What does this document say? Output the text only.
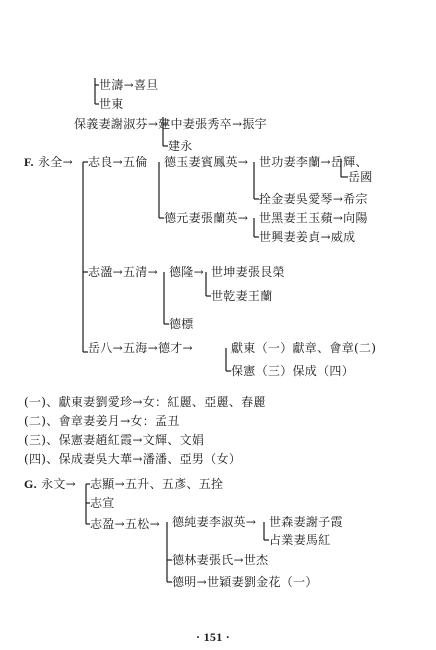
世濤→喜旦
世東
保義妻謝淑芬→建中妻張秀卒→振宇
建永
F. 永全→ 志良→五倫 德玉妻賓鳳英→ 世功妻李蘭→岳輝、
岳國
拴金妻吳愛琴→希宗
德元妻張蘭英→ 世黑妻王玉蘋→向陽
世興妻姜貞→威成
志溋→五清→ 德隆→ 世坤妻張艮榮
世乾妻王蘭
德標
岳八→五海→德才→	獻東（一）獻章、會章(二)
保憲（三）保成（四）
(一)、獻東妻劉愛珍→女：紅麗、亞麗、春麗
(二)、會章妻姜月→女：孟丑
(三)、保憲妻趙紅霞→文輝、文娟
(四)、保成妻吳大華→潘潘、亞男（女）
G. 永文→ 志顯→五升、五彥、五拴
志宣
志盈→五松→ 德純妻李淑英→ 世森妻謝子霞
占業妻馬紅
德林妻張氏→世杰
德明→世穎妻劉金花（一）
· 151 ·
